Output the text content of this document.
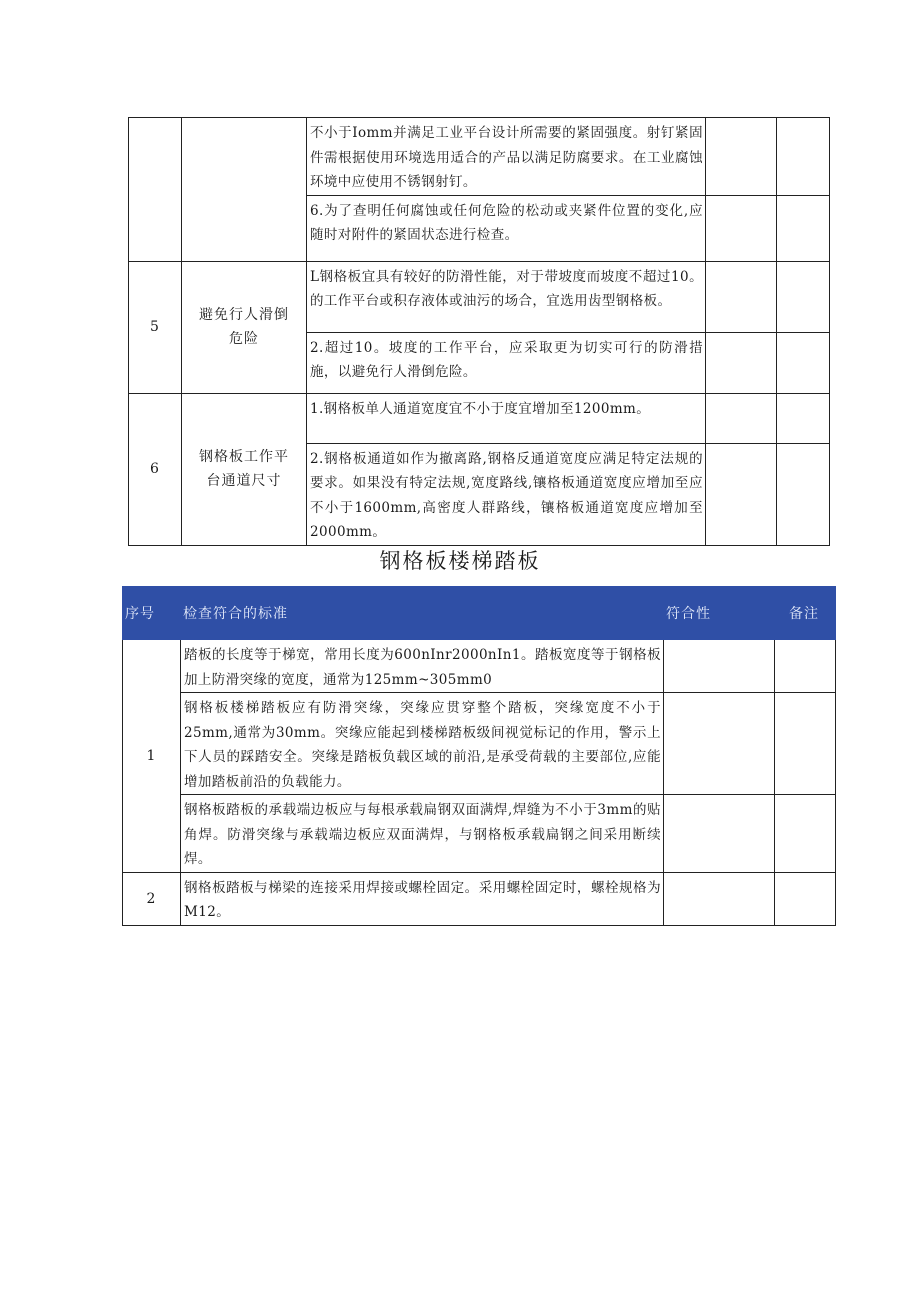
		不小于Iomm并满足工业平台设计所需要的紧固强度。射钉紧固件需根据使用环境选用适合的产品以满足防腐要求。在工业腐蚀环境中应使用不锈钢射钉。		
		6.为了查明任何腐蚀或任何危险的松动或夹紧件位置的变化,应随时对附件的紧固状态进行检查。		
5	避免行人滑倒危险	L钢格板宜具有较好的防滑性能，对于带坡度而坡度不超过10。的工作平台或积存液体或油污的场合，宜选用齿型钢格板。		
		2.超过10。坡度的工作平台，应采取更为切实可行的防滑措施，以避免行人滑倒危险。		
6	钢格板工作平台通道尺寸	1.钢格板单人通道宽度宜不小于度宜增加至1200mm。		
		2.钢格板通道如作为撤离路,钢格反通道宽度应满足特定法规的要求。如果没有特定法规,宽度路线,镶格板通道宽度应增加至应不小于1600mm,高密度人群路线，镶格板通道宽度应增加至2000mm。		
钢格板楼梯踏板
序号	检查符合的标准	符合性	备注
1	踏板的长度等于梯宽，常用长度为600nInr2000nIn1。踏板宽度等于钢格板加上防滑突缘的宽度，通常为125mm~305mm0		
	钢格板楼梯踏板应有防滑突缘，突缘应贯穿整个踏板，突缘宽度不小于25mm,通常为30mm。突缘应能起到楼梯踏板级间视觉标记的作用，警示上下人员的踩踏安全。突缘是踏板负载区域的前沿,是承受荷载的主要部位,应能增加踏板前沿的负载能力。		
	钢格板踏板的承载端边板应与每根承载扁钢双面满焊,焊缝为不小于3mm的贴角焊。防滑突缘与承载端边板应双面满焊，与钢格板承载扁钢之间采用断续焊。		
2	钢格板踏板与梯梁的连接采用焊接或螺栓固定。采用螺栓固定时，螺栓规格为M12。		
